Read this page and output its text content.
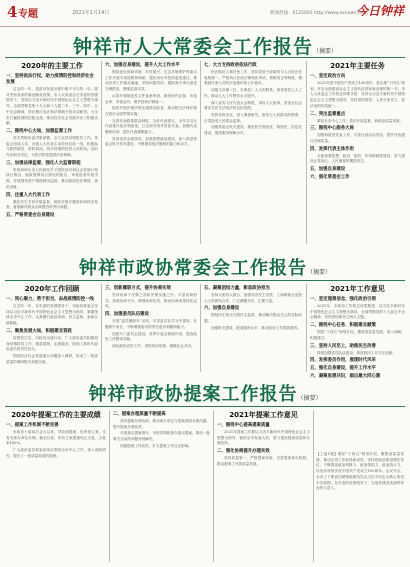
4 专题	2021年1月14日	新闻热线：6125001 http://www.zxnews.net
今日钟祥
钟祥市人大常委会工作报告（摘要）
2020年的主要工作
一、坚持依法行权，助力疫情防控和经济社会发展

过去的一年，是我市发展历程中极不平凡的一年。面对突如其来的新冠肺炎疫情，市人大常委会在市委的坚强领导下，坚持以习近平新时代中国特色社会主义思想为指导，全面贯彻党的十九大和十九届二中、三中、四中、五中全会精神，依法履行宪法和法律赋予的各项职责，为全市打赢疫情防控阻击战、推动经济社会发展作出了积极贡献。

二、围绕中心大局，加强监督工作

坚决贯彻市委决策部署，全力支持疫情防控工作。常委会组成人员、各级人大代表主动投身抗疫一线，积极参与联防联控、群防群治，筑牢疫情防控的人民防线。及时作出相关决定，为依法防控提供法治保障。

三、加强法律监督，强化人大监督职能

听取和审议市人民政府关于国民经济和社会发展计划执行情况、财政预算执行情况的报告，审查批准年度决算，开展国有资产管理情况监督，推动政府依法理财、规范用财。

四、注重人大代表工作

紧扣民生关切开展监督，组织开展专题询问和执法检查，督促解决群众反映强烈的突出问题。

五、严格常委会自身建设
六、加强自身建设，提升人大工作水平

围绕优化营商环境、乡村振兴、生态环境保护等重点工作开展专项视察和调研，提出有针对性的意见建议，推动各项工作落实落地。坚持问题导向，跟踪督办审议意见办理情况，增强监督实效。

认真开展规范性文件备案审查，做到有件必备、有备必审、有错必纠，维护国家法制统一。

组织开展法律法规实施情况检查，推动相关法律法规在我市全面贯彻实施。

完善代表联系群众制度，办好代表建议，全年共交办代表建议批评和意见，已全部办结并答复代表。加强代表履职培训，提升代表履职能力。

坚持党的全面领导，加强思想政治建设，深入推进常委会机关作风建设，不断提高依法履职的能力和水平。

七、大力支持政府依法行政

依法做好人事任免工作，坚持党管干部原则与人大依法任免相统一，严格执行任前法律知识考试、供职发言等制度，增强被任命人员的法治意识和公仆意识。

加强与各镇（区、办事处）人大的联系，指导基层人大工作，推动人大工作整体水平提升。

深入宣传人民代表大会制度，讲好人大故事，营造全社会尊法学法守法用法的良好氛围。

坚持求真务实，深入调查研究，密切与人民群众的联系，自觉接受人民群众监督。

加强常委会机关建设，推进机关规范化、制度化、信息化建设，提高服务保障水平。

2021年主要任务
一、坚定政治方向

2021年是中国共产党成立100周年，是实施“十四五”规划、开启全面建设社会主义现代化国家新征程的第一年。市人大常委会工作的总体要求是：坚持以习近平新时代中国特色社会主义思想为指导，坚持党的领导、人民当家作主、依法治国有机统一。

二、突出监督重点

紧扣全市中心工作，依法开展监督，助推高质量发展。

三、围绕中心服务大局

加强和改进代表工作，丰富代表活动内容，提升代表建议办理质量。

四、发挥代表主体作用

全面加强思想、政治、组织、作风和制度建设，努力建设让党放心、人民满意的模范机关。

五、加强自身建设
六、强化常委会工作
钟祥市政协常委会工作报告（摘要）
2020年工作回顾
一、同心聚力，勇于担当，奋战疫情防控一线

过去的一年，在市委的坚强领导下，市政协常委会坚持以习近平新时代中国特色社会主义思想为指导，紧紧围绕全市中心工作，认真履行政治协商、民主监督、参政议政职能。

二、聚焦发展大局，积极建言资政

疫情发生后，市政协迅速行动，广大政协委员积极投身疫情防控工作，捐款捐物，志愿服务，展现了新时代政协委员的责任担当。

围绕经济社会发展重大问题深入调研，形成了一批高质量的调研报告和建议案。

三、创新履职方式，提升协商实效

坚持协商于决策之前和决策实施之中，丰富协商形式，拓展协商平台，增强协商实效，推动协商成果转化运用。

四、加强委员队伍建设

开展“委员履职年”活动，引导委员在学习中提高、在履职中成长，不断增强委员的责任意识和履职能力。

加强专门委员会建设，发挥专委会基础作用，提高政协工作整体效能。

深化政协宣传工作，讲好政协故事，凝聚社会共识。

五、凝聚团结力量，彰显政协担当

坚持大团结大联合，加强同各民主党派、工商联和无党派人士的团结合作，广泛凝聚共识、汇聚力量。

六、加强自身建设

围绕民生热点开展民主监督，推动解决群众关心的实际问题。

加强机关建设，提高服务水平，推动政协工作提质增效。

2021年工作意见
一、坚定理想信念，强化政治引领

2021年，市政协工作的总体思路是：以习近平新时代中国特色社会主义思想为指导，全面贯彻党的十九届五中全会精神，坚持团结和民主两大主题。

二、围绕中心任务，积极建言献策

围绕“十四五”规划开局，聚焦高质量发展，深入调研，积极建言。

三、坚持人民至上，助推民生改善

持续加强委员队伍建设，推进政协工作守正创新。

四、发挥委员作用，展现时代风采
五、强化自身建设，提升工作水平
六、凝聚思想共识，画出最大同心圆
钟祥市政协提案工作报告（摘要）
2020年提案工作的主要成绩
一、提案工作机制不断完善

市政协十届四次会议以来，共收到提案，经审查立案，交有关承办单位办理。截至目前，所有立案提案均已办复，办复率100%。

广大政协委员和参加单位围绕全市中心工作，深入调查研究，提出了一批质量较高的提案。

二、提案办理质量不断提高

坚持提案办理协商，推动承办单位与提案者面对面沟通，提升提案办理实效。

开展重点提案督办，市领导领衔督办重点提案，推动一批事关全局的问题得到解决。

加强提案工作宣传，扩大提案工作社会影响。

2021年提案工作意见
一、围绕中心提高提案质量

2021年提案工作要以习近平新时代中国特色社会主义思想为指导，紧扣全市发展大局，着力提高提案质量和办理实效。

二、强化协商提升办理实效

坚持质量第一，严格提案审查，完善提案督办机制，推动提案工作高质量发展。

【上接1版】紧扣“十四五”规划开局，聚焦高质量发展，推动各项工作取得新成效。坚持把政治建设摆在首位，不断提高政治判断力、政治领悟力、政治执行力，以优异成绩庆祝中国共产党成立100周年。会议号召，全市上下要更加紧密地团结在以习近平同志为核心的党中央周围，在市委的坚强领导下，为加快建设美丽钟祥而努力奋斗。
